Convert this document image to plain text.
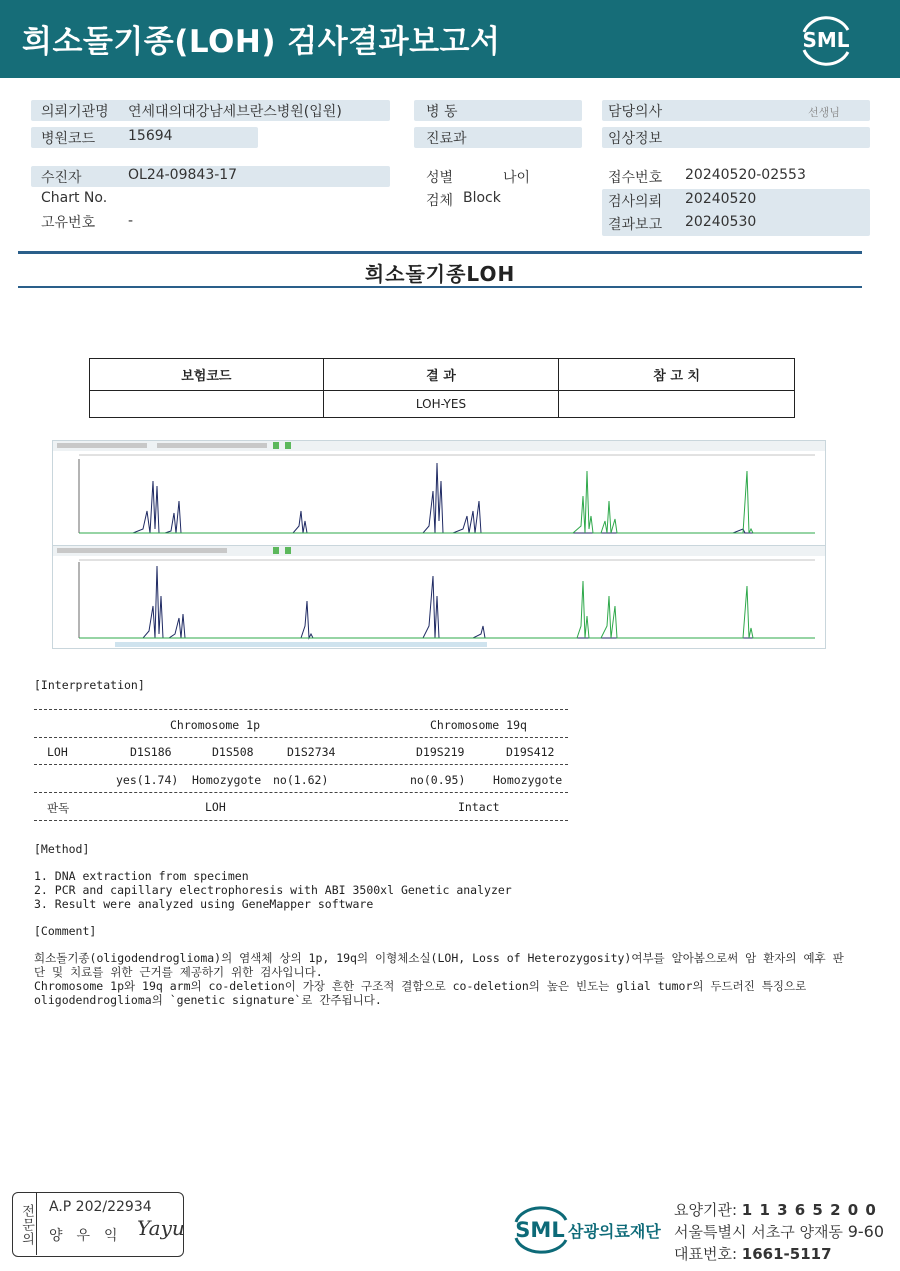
희소돌기종(LOH) 검사결과보고서	SML
의뢰기관명 연세대의대강남세브란스병원(입원)
병원코드 15694
병 동
진료과
담당의사	선생님
임상정보
수진자	OL24-09843-17
Chart No.
고유번호 -
성별	나이
검체 Block
접수번호 20240520-02553
검사의뢰 20240520
결과보고 20240530
희소돌기종LOH
보험코드	결 과	참 고 치
	LOH-YES	
[Interpretation]
Chromosome 1p	Chromosome 19q
LOH	D1S186	D1S508	D1S2734	D19S219	D19S412
yes(1.74) Homozygote no(1.62)	no(0.95) Homozygote
판독	LOH	Intact
[Method]
1. DNA extraction from specimen
2. PCR and capillary electrophoresis with ABI 3500xl Genetic analyzer
3. Result were analyzed using GeneMapper software
[Comment]
희소돌기종(oligodendroglioma)의 염색체 상의 1p, 19q의 이형체소실(LOH, Loss of Heterozygosity)여부를 알아봄으로써 암 환자의 예후 판단 및 치료를 위한 근거를 제공하기 위한 검사입니다.
Chromosome 1p와 19q arm의 co-deletion이 가장 흔한 구조적 결함으로 co-deletion의 높은 빈도는 glial tumor의 두드러진 특징으로 oligodendroglioma의 `genetic signature`로 간주됩니다.
전문의 A.P 202/22934
양우익 Yayu	SML 삼광의료재단
요양기관: 1 1 3 6 5 2 0 0
서울특별시 서초구 양재동 9-60
대표번호: 1661-5117
